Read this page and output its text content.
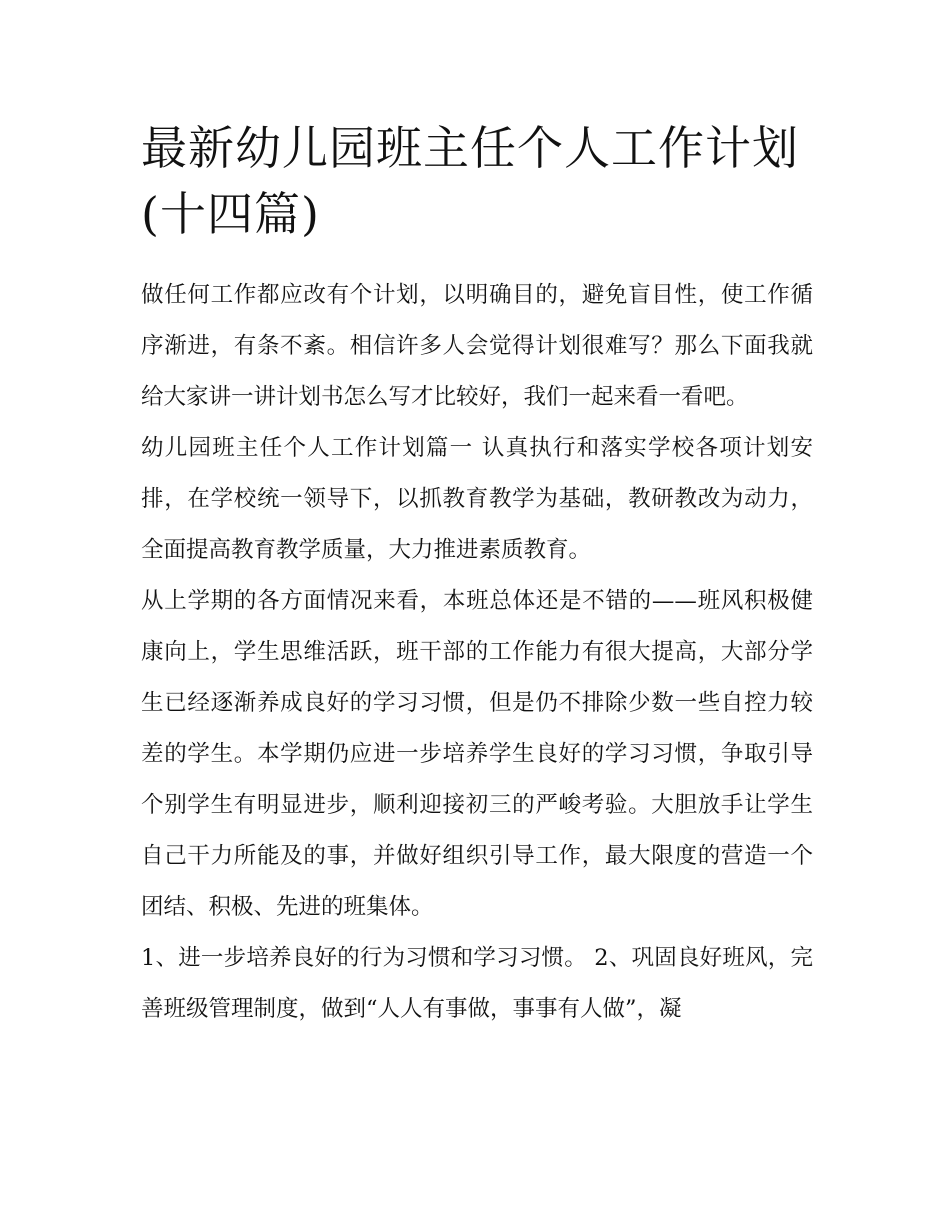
最新幼儿园班主任个人工作计划(十四篇)

做任何工作都应改有个计划，以明确目的，避免盲目性，使工作循序渐进，有条不紊。相信许多人会觉得计划很难写？那么下面我就给大家讲一讲计划书怎么写才比较好，我们一起来看一看吧。

幼儿园班主任个人工作计划篇一 认真执行和落实学校各项计划安排，在学校统一领导下，以抓教育教学为基础，教研教改为动力，全面提高教育教学质量，大力推进素质教育。

从上学期的各方面情况来看，本班总体还是不错的——班风积极健康向上，学生思维活跃，班干部的工作能力有很大提高，大部分学生已经逐渐养成良好的学习习惯，但是仍不排除少数一些自控力较差的学生。本学期仍应进一步培养学生良好的学习习惯，争取引导个别学生有明显进步，顺利迎接初三的严峻考验。大胆放手让学生自己干力所能及的事，并做好组织引导工作，最大限度的营造一个团结、积极、先进的班集体。

1、进一步培养良好的行为习惯和学习习惯。 2、巩固良好班风，完善班级管理制度，做到“人人有事做，事事有人做”，凝
